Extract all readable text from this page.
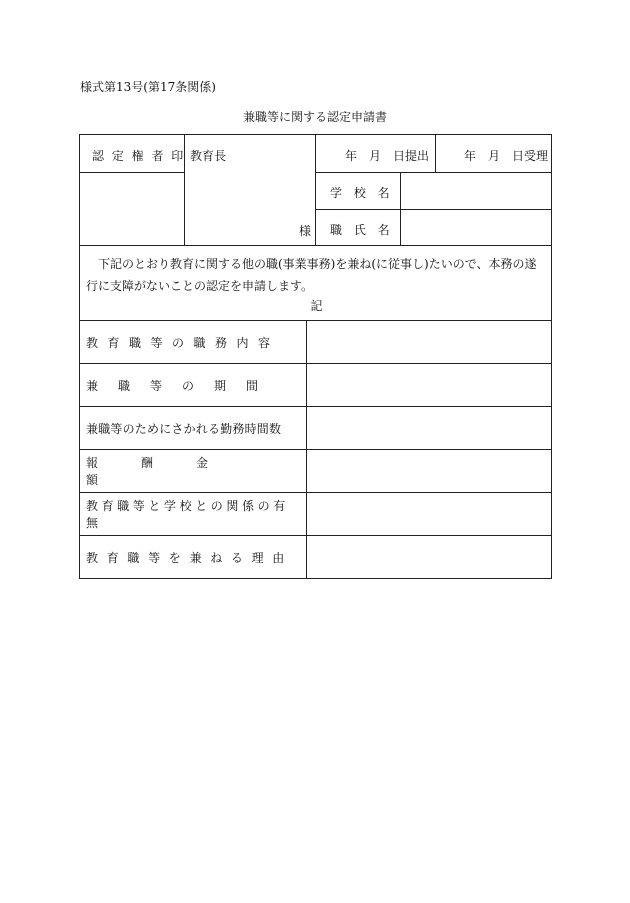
様式第13号(第17条関係)
兼職等に関する認定申請書
認 定 権 者 印 教育長
様
年　月　日提出	年　月　日受理
学 校 名
職 氏 名
下記のとおり教育に関する他の職(事業事務)を兼ね(に従事し)たいので、本務の遂行に支障がないことの認定を申請します。
記
教育職等の職務内容
兼職等の期間
兼職等のためにさかれる勤務時間数
報酬金額
教育職等と学校との関係の有無
教育職等を兼ねる理由
